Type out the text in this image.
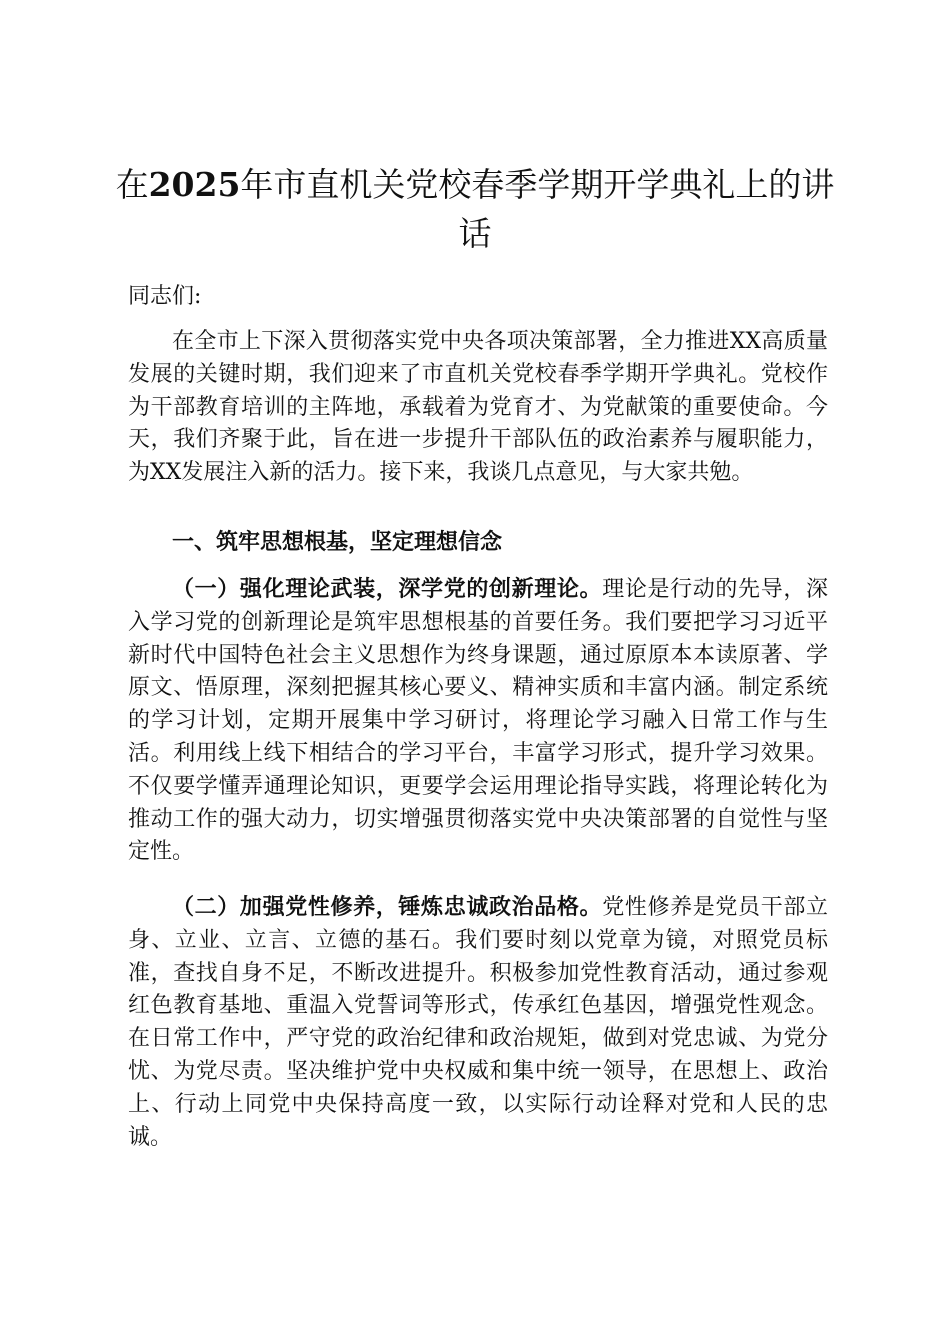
在2025年市直机关党校春季学期开学典礼上的讲话

同志们:

在全市上下深入贯彻落实党中央各项决策部署，全力推进XX高质量发展的关键时期，我们迎来了市直机关党校春季学期开学典礼。党校作为干部教育培训的主阵地，承载着为党育才、为党献策的重要使命。今天，我们齐聚于此，旨在进一步提升干部队伍的政治素养与履职能力，为XX发展注入新的活力。接下来，我谈几点意见，与大家共勉。

一、筑牢思想根基，坚定理想信念

（一）强化理论武装，深学党的创新理论。理论是行动的先导，深入学习党的创新理论是筑牢思想根基的首要任务。我们要把学习习近平新时代中国特色社会主义思想作为终身课题，通过原原本本读原著、学原文、悟原理，深刻把握其核心要义、精神实质和丰富内涵。制定系统的学习计划，定期开展集中学习研讨，将理论学习融入日常工作与生活。利用线上线下相结合的学习平台，丰富学习形式，提升学习效果。不仅要学懂弄通理论知识，更要学会运用理论指导实践，将理论转化为推动工作的强大动力，切实增强贯彻落实党中央决策部署的自觉性与坚定性。

（二）加强党性修养，锤炼忠诚政治品格。党性修养是党员干部立身、立业、立言、立德的基石。我们要时刻以党章为镜，对照党员标准，查找自身不足，不断改进提升。积极参加党性教育活动，通过参观红色教育基地、重温入党誓词等形式，传承红色基因，增强党性观念。在日常工作中，严守党的政治纪律和政治规矩，做到对党忠诚、为党分忧、为党尽责。坚决维护党中央权威和集中统一领导，在思想上、政治上、行动上同党中央保持高度一致，以实际行动诠释对党和人民的忠诚。
